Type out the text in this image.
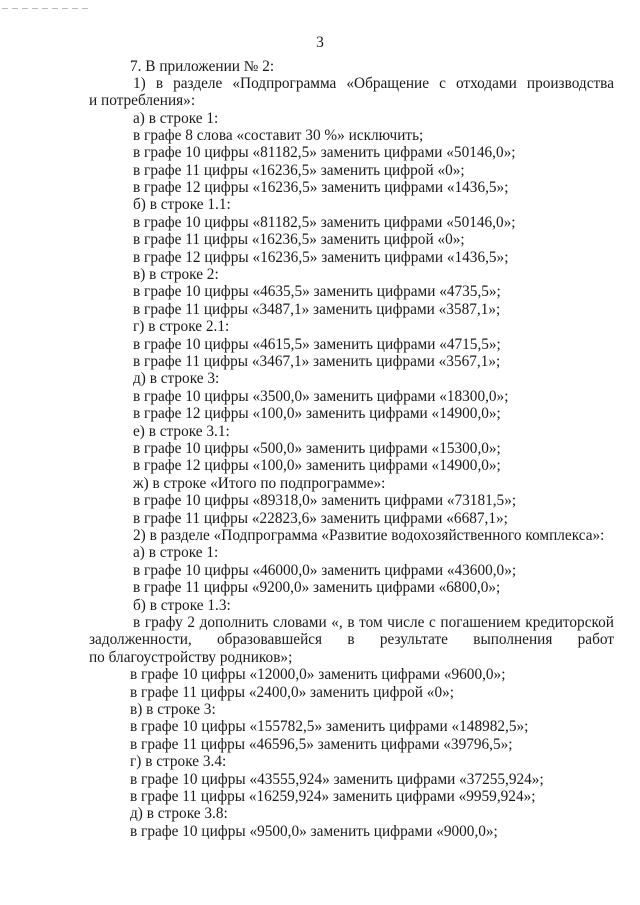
3
7. В приложении № 2:
1) в разделе «Подпрограмма «Обращение с отходами производства
и потребления»:
а) в строке 1:
в графе 8 слова «составит 30 %» исключить;
в графе 10 цифры «81182,5» заменить цифрами «50146,0»;
в графе 11 цифры «16236,5» заменить цифрой «0»;
в графе 12 цифры «16236,5» заменить цифрами «1436,5»;
б) в строке 1.1:
в графе 10 цифры «81182,5» заменить цифрами «50146,0»;
в графе 11 цифры «16236,5» заменить цифрой «0»;
в графе 12 цифры «16236,5» заменить цифрами «1436,5»;
в) в строке 2:
в графе 10 цифры «4635,5» заменить цифрами «4735,5»;
в графе 11 цифры «3487,1» заменить цифрами «3587,1»;
г) в строке 2.1:
в графе 10 цифры «4615,5» заменить цифрами «4715,5»;
в графе 11 цифры «3467,1» заменить цифрами «3567,1»;
д) в строке 3:
в графе 10 цифры «3500,0» заменить цифрами «18300,0»;
в графе 12 цифры «100,0» заменить цифрами «14900,0»;
е) в строке 3.1:
в графе 10 цифры «500,0» заменить цифрами «15300,0»;
в графе 12 цифры «100,0» заменить цифрами «14900,0»;
ж) в строке «Итого по подпрограмме»:
в графе 10 цифры «89318,0» заменить цифрами «73181,5»;
в графе 11 цифры «22823,6» заменить цифрами «6687,1»;
2) в разделе «Подпрограмма «Развитие водохозяйственного комплекса»:
а) в строке 1:
в графе 10 цифры «46000,0» заменить цифрами «43600,0»;
в графе 11 цифры «9200,0» заменить цифрами «6800,0»;
б) в строке 1.3:
в графу 2 дополнить словами «, в том числе с погашением кредиторской
задолженности, образовавшейся в результате выполнения работ
по благоустройству родников»;
в графе 10 цифры «12000,0» заменить цифрами «9600,0»;
в графе 11 цифры «2400,0» заменить цифрой «0»;
в) в строке 3:
в графе 10 цифры «155782,5» заменить цифрами «148982,5»;
в графе 11 цифры «46596,5» заменить цифрами «39796,5»;
г) в строке 3.4:
в графе 10 цифры «43555,924» заменить цифрами «37255,924»;
в графе 11 цифры «16259,924» заменить цифрами «9959,924»;
д) в строке 3.8:
в графе 10 цифры «9500,0» заменить цифрами «9000,0»;
